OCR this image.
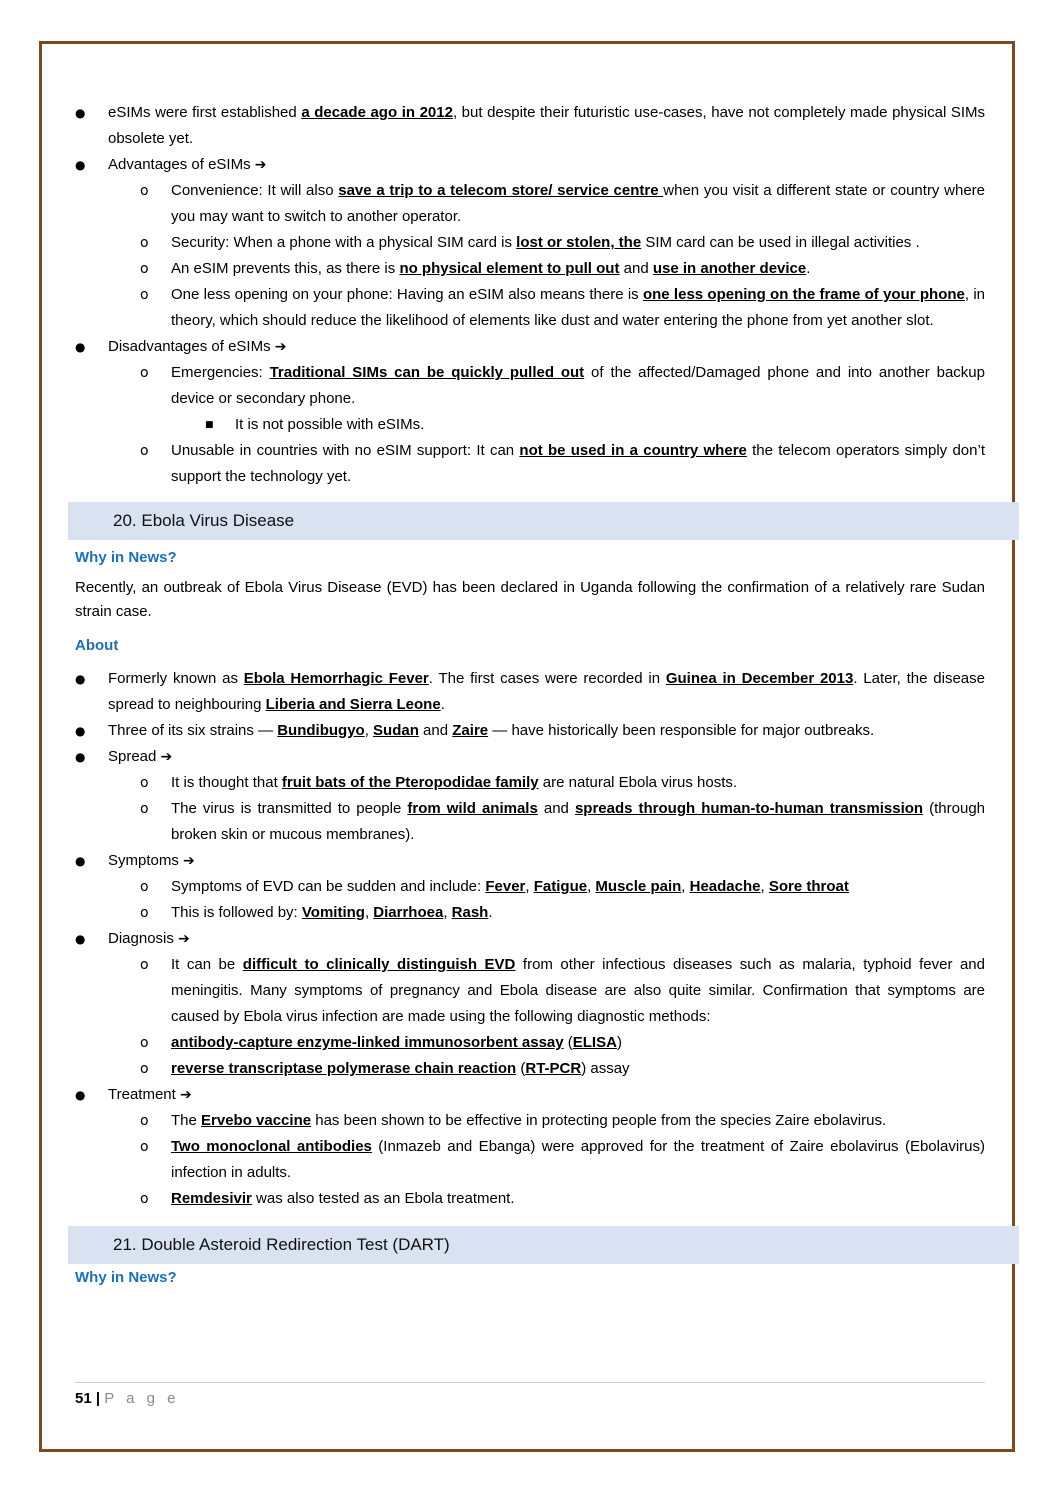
● eSIMs were first established a decade ago in 2012, but despite their futuristic use-cases, have not completely made physical SIMs obsolete yet.
● Advantages of eSIMs ➔
o Convenience: It will also save a trip to a telecom store/ service centre when you visit a different state or country where you may want to switch to another operator.
o Security: When a phone with a physical SIM card is lost or stolen, the SIM card can be used in illegal activities .
o An eSIM prevents this, as there is no physical element to pull out and use in another device.
o One less opening on your phone: Having an eSIM also means there is one less opening on the frame of your phone, in theory, which should reduce the likelihood of elements like dust and water entering the phone from yet another slot.
● Disadvantages of eSIMs ➔
o Emergencies: Traditional SIMs can be quickly pulled out of the affected/Damaged phone and into another backup device or secondary phone.
■ It is not possible with eSIMs.
o Unusable in countries with no eSIM support: It can not be used in a country where the telecom operators simply don’t support the technology yet.
20. Ebola Virus Disease
Why in News?
Recently, an outbreak of Ebola Virus Disease (EVD) has been declared in Uganda following the confirmation of a relatively rare Sudan strain case.
About
● Formerly known as Ebola Hemorrhagic Fever. The first cases were recorded in Guinea in December 2013. Later, the disease spread to neighbouring Liberia and Sierra Leone.
● Three of its six strains — Bundibugyo, Sudan and Zaire — have historically been responsible for major outbreaks.
● Spread ➔
o It is thought that fruit bats of the Pteropodidae family are natural Ebola virus hosts.
o The virus is transmitted to people from wild animals and spreads through human-to-human transmission (through broken skin or mucous membranes).
● Symptoms ➔
o Symptoms of EVD can be sudden and include: Fever, Fatigue, Muscle pain, Headache, Sore throat
o This is followed by: Vomiting, Diarrhoea, Rash.
● Diagnosis ➔
o It can be difficult to clinically distinguish EVD from other infectious diseases such as malaria, typhoid fever and meningitis. Many symptoms of pregnancy and Ebola disease are also quite similar. Confirmation that symptoms are caused by Ebola virus infection are made using the following diagnostic methods:
o antibody-capture enzyme-linked immunosorbent assay (ELISA)
o reverse transcriptase polymerase chain reaction (RT-PCR) assay
● Treatment ➔
o The Ervebo vaccine has been shown to be effective in protecting people from the species Zaire ebolavirus.
o Two monoclonal antibodies (Inmazeb and Ebanga) were approved for the treatment of Zaire ebolavirus (Ebolavirus) infection in adults.
o Remdesivir was also tested as an Ebola treatment.
21. Double Asteroid Redirection Test (DART)
Why in News?
51 | P a g e
